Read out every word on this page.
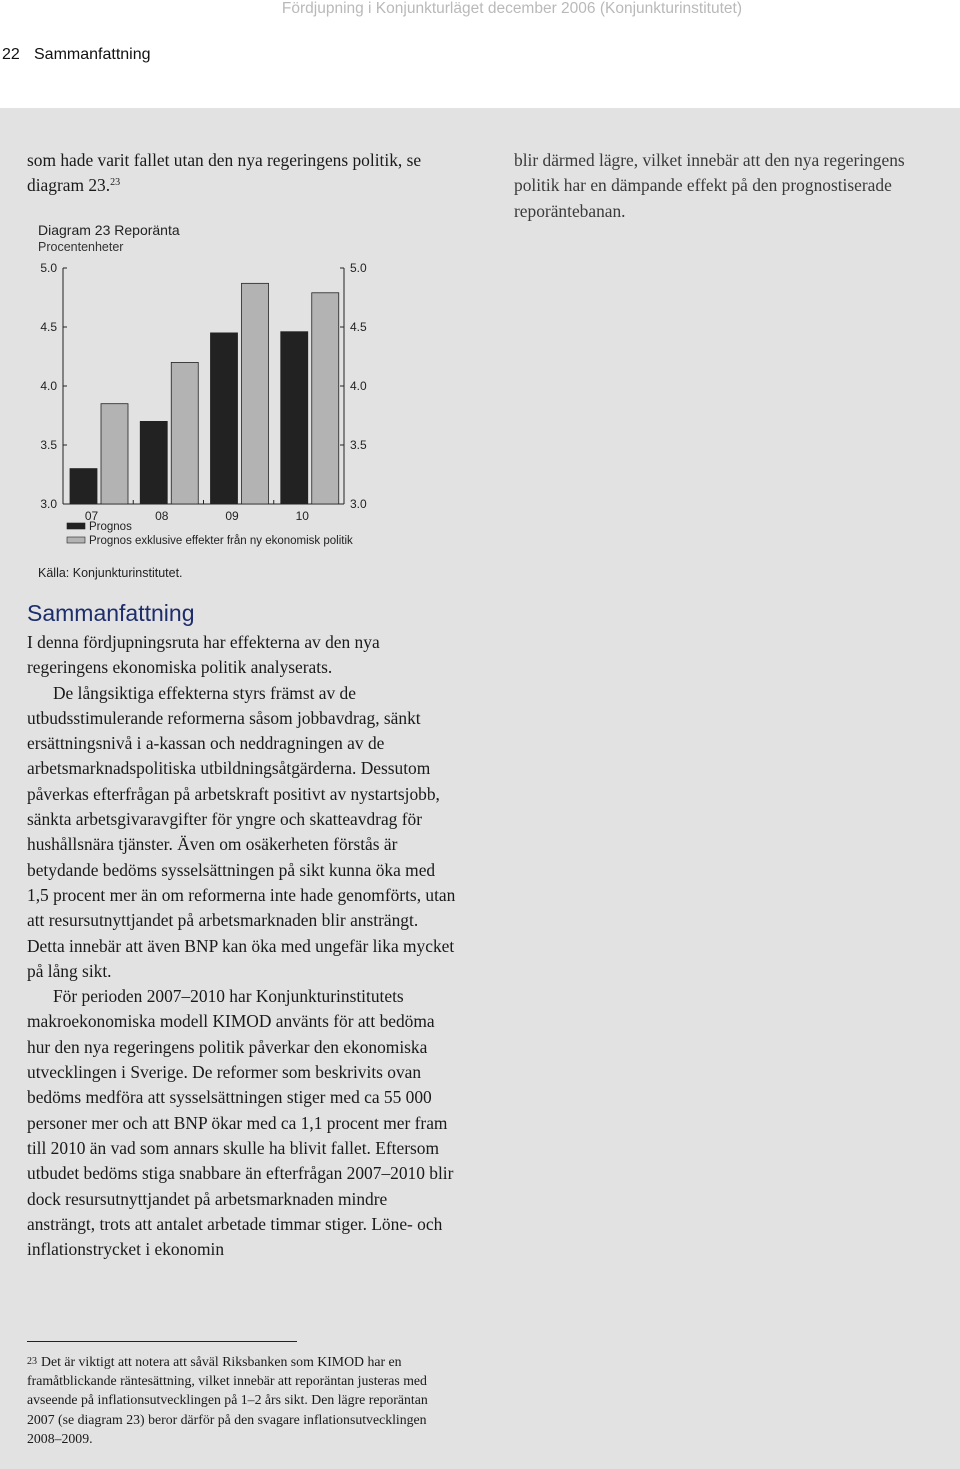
Fördjupning i Konjunkturläget december 2006 (Konjunkturinstitutet)
22 Sammanfattning

som hade varit fallet utan den nya regeringens politik, se diagram 23.23

blir därmed lägre, vilket innebär att den nya regeringens politik har en dämpande effekt på den prognostiserade reporäntebanan.

Diagram 23 Reporänta
Procentenheter
5.0	5.0
4.5	4.5
4.0	4.0
3.5	3.5
3.0	3.0
07	08	09	10
Prognos
Prognos exklusive effekter från ny ekonomisk politik
Källa: Konjunkturinstitutet.
Sammanfattning

I denna fördjupningsruta har effekterna av den nya regeringens ekonomiska politik analyserats.

De långsiktiga effekterna styrs främst av de utbudsstimulerande reformerna såsom jobbavdrag, sänkt ersättningsnivå i a-kassan och neddragningen av de arbetsmarknadspolitiska utbildningsåtgärderna. Dessutom påverkas efterfrågan på arbetskraft positivt av nystartsjobb, sänkta arbetsgivaravgifter för yngre och skatteavdrag för hushållsnära tjänster. Även om osäkerheten förstås är betydande bedöms sysselsättningen på sikt kunna öka med 1,5 procent mer än om reformerna inte hade genomförts, utan att resursutnyttjandet på arbetsmarknaden blir ansträngt. Detta innebär att även BNP kan öka med ungefär lika mycket på lång sikt.

För perioden 2007–2010 har Konjunkturinstitutets makroekonomiska modell KIMOD använts för att bedöma hur den nya regeringens politik påverkar den ekonomiska utvecklingen i Sverige. De reformer som beskrivits ovan bedöms medföra att sysselsättningen stiger med ca 55 000 personer mer och att BNP ökar med ca 1,1 procent mer fram till 2010 än vad som annars skulle ha blivit fallet. Eftersom utbudet bedöms stiga snabbare än efterfrågan 2007–2010 blir dock resursutnyttjandet på arbetsmarknaden mindre ansträngt, trots att antalet arbetade timmar stiger. Löne- och inflationstrycket i ekonomin

23 Det är viktigt att notera att såväl Riksbanken som KIMOD har en framåtblickande räntesättning, vilket innebär att reporäntan justeras med avseende på inflationsutvecklingen på 1–2 års sikt. Den lägre reporäntan 2007 (se diagram 23) beror därför på den svagare inflationsutvecklingen 2008–2009.
